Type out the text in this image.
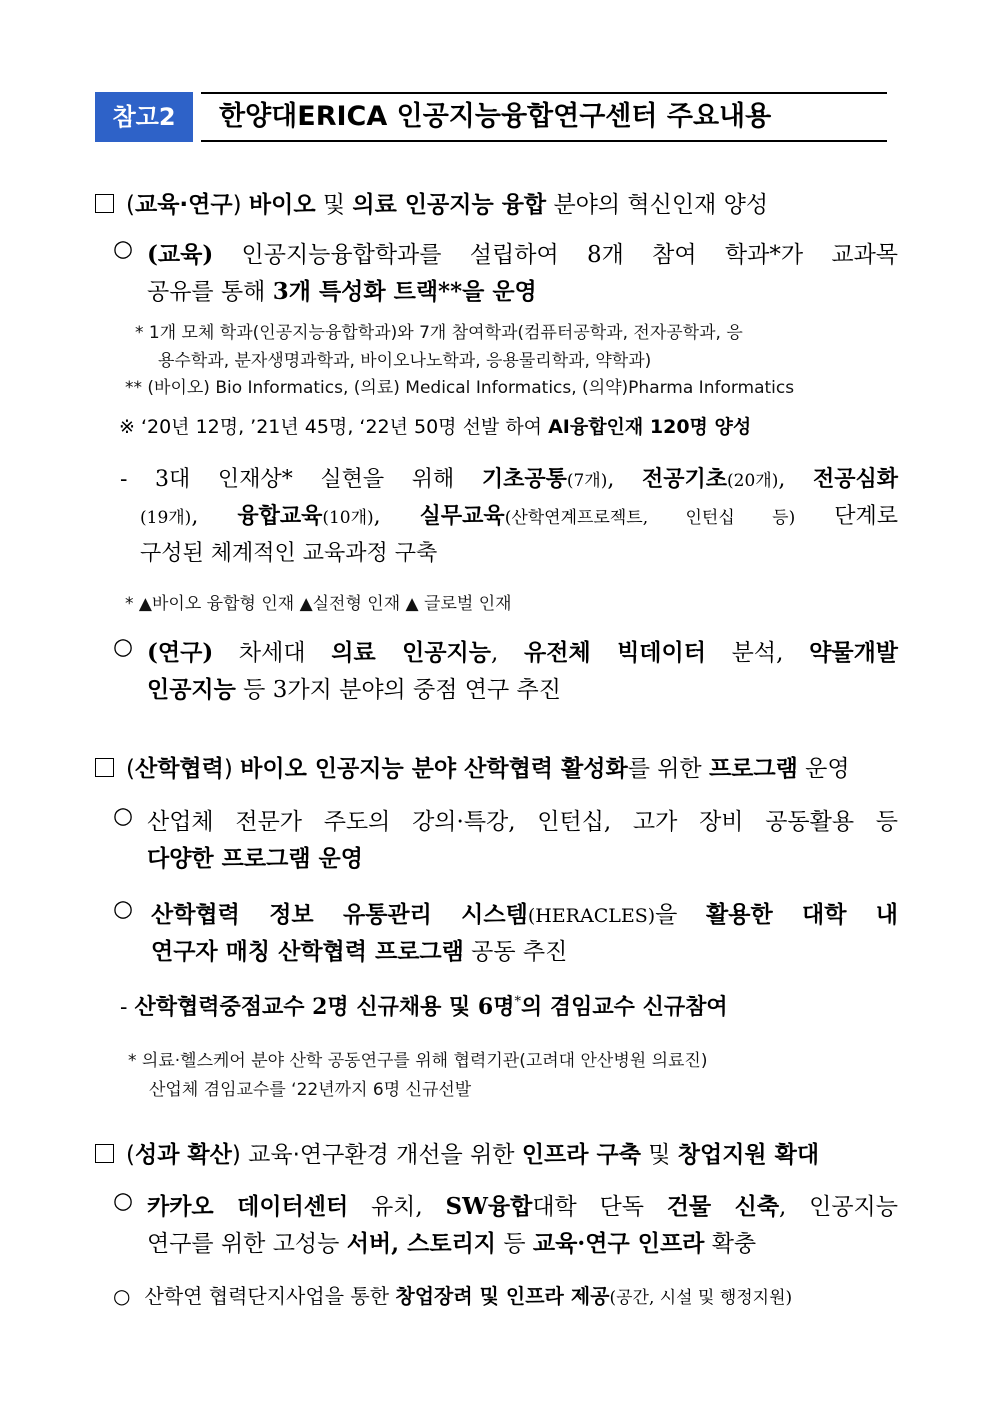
참고2	한양대ERICA 인공지능융합연구센터 주요내용
(교육·연구) 바이오 및 의료 인공지능 융합 분야의 혁신인재 양성
○ (교육) 인공지능융합학과를 설립하여 8개 참여 학과*가 교과목
공유를 통해 3개 특성화 트랙**을 운영
* 1개 모체 학과(인공지능융합학과)와 7개 참여학과(컴퓨터공학과, 전자공학과, 응
용수학과, 분자생명과학과, 바이오나노학과, 응용물리학과, 약학과)
** (바이오) Bio Informatics, (의료) Medical Informatics, (의약)Pharma Informatics
※ ‘20년 12명, ’21년 45명, ‘22년 50명 선발 하여 AI융합인재 120명 양성
- 3대 인재상* 실현을 위해 기초공통(7개), 전공기초(20개), 전공심화
(19개), 융합교육(10개), 실무교육(산학연계프로젝트, 인턴십 등) 단계로
구성된 체계적인 교육과정 구축
* ▲바이오 융합형 인재 ▲실전형 인재 ▲ 글로벌 인재
○ (연구) 차세대 의료 인공지능, 유전체 빅데이터 분석, 약물개발
인공지능 등 3가지 분야의 중점 연구 추진
(산학협력) 바이오 인공지능 분야 산학협력 활성화를 위한 프로그램 운영
○ 산업체 전문가 주도의 강의·특강, 인턴십, 고가 장비 공동활용 등
다양한 프로그램 운영
○ 산학협력 정보 유통관리 시스템(HERACLES)을 활용한 대학 내
연구자 매칭 산학협력 프로그램 공동 추진
- 산학협력중점교수 2명 신규채용 및 6명*의 겸임교수 신규참여
* 의료·헬스케어 분야 산학 공동연구를 위해 협력기관(고려대 안산병원 의료진)
산업체 겸임교수를 ‘22년까지 6명 신규선발
(성과 확산) 교육·연구환경 개선을 위한 인프라 구축 및 창업지원 확대
○ 카카오 데이터센터 유치, SW융합대학 단독 건물 신축, 인공지능
연구를 위한 고성능 서버, 스토리지 등 교육·연구 인프라 확충
○ 산학연 협력단지사업을 통한 창업장려 및 인프라 제공(공간, 시설 및 행정지원)
